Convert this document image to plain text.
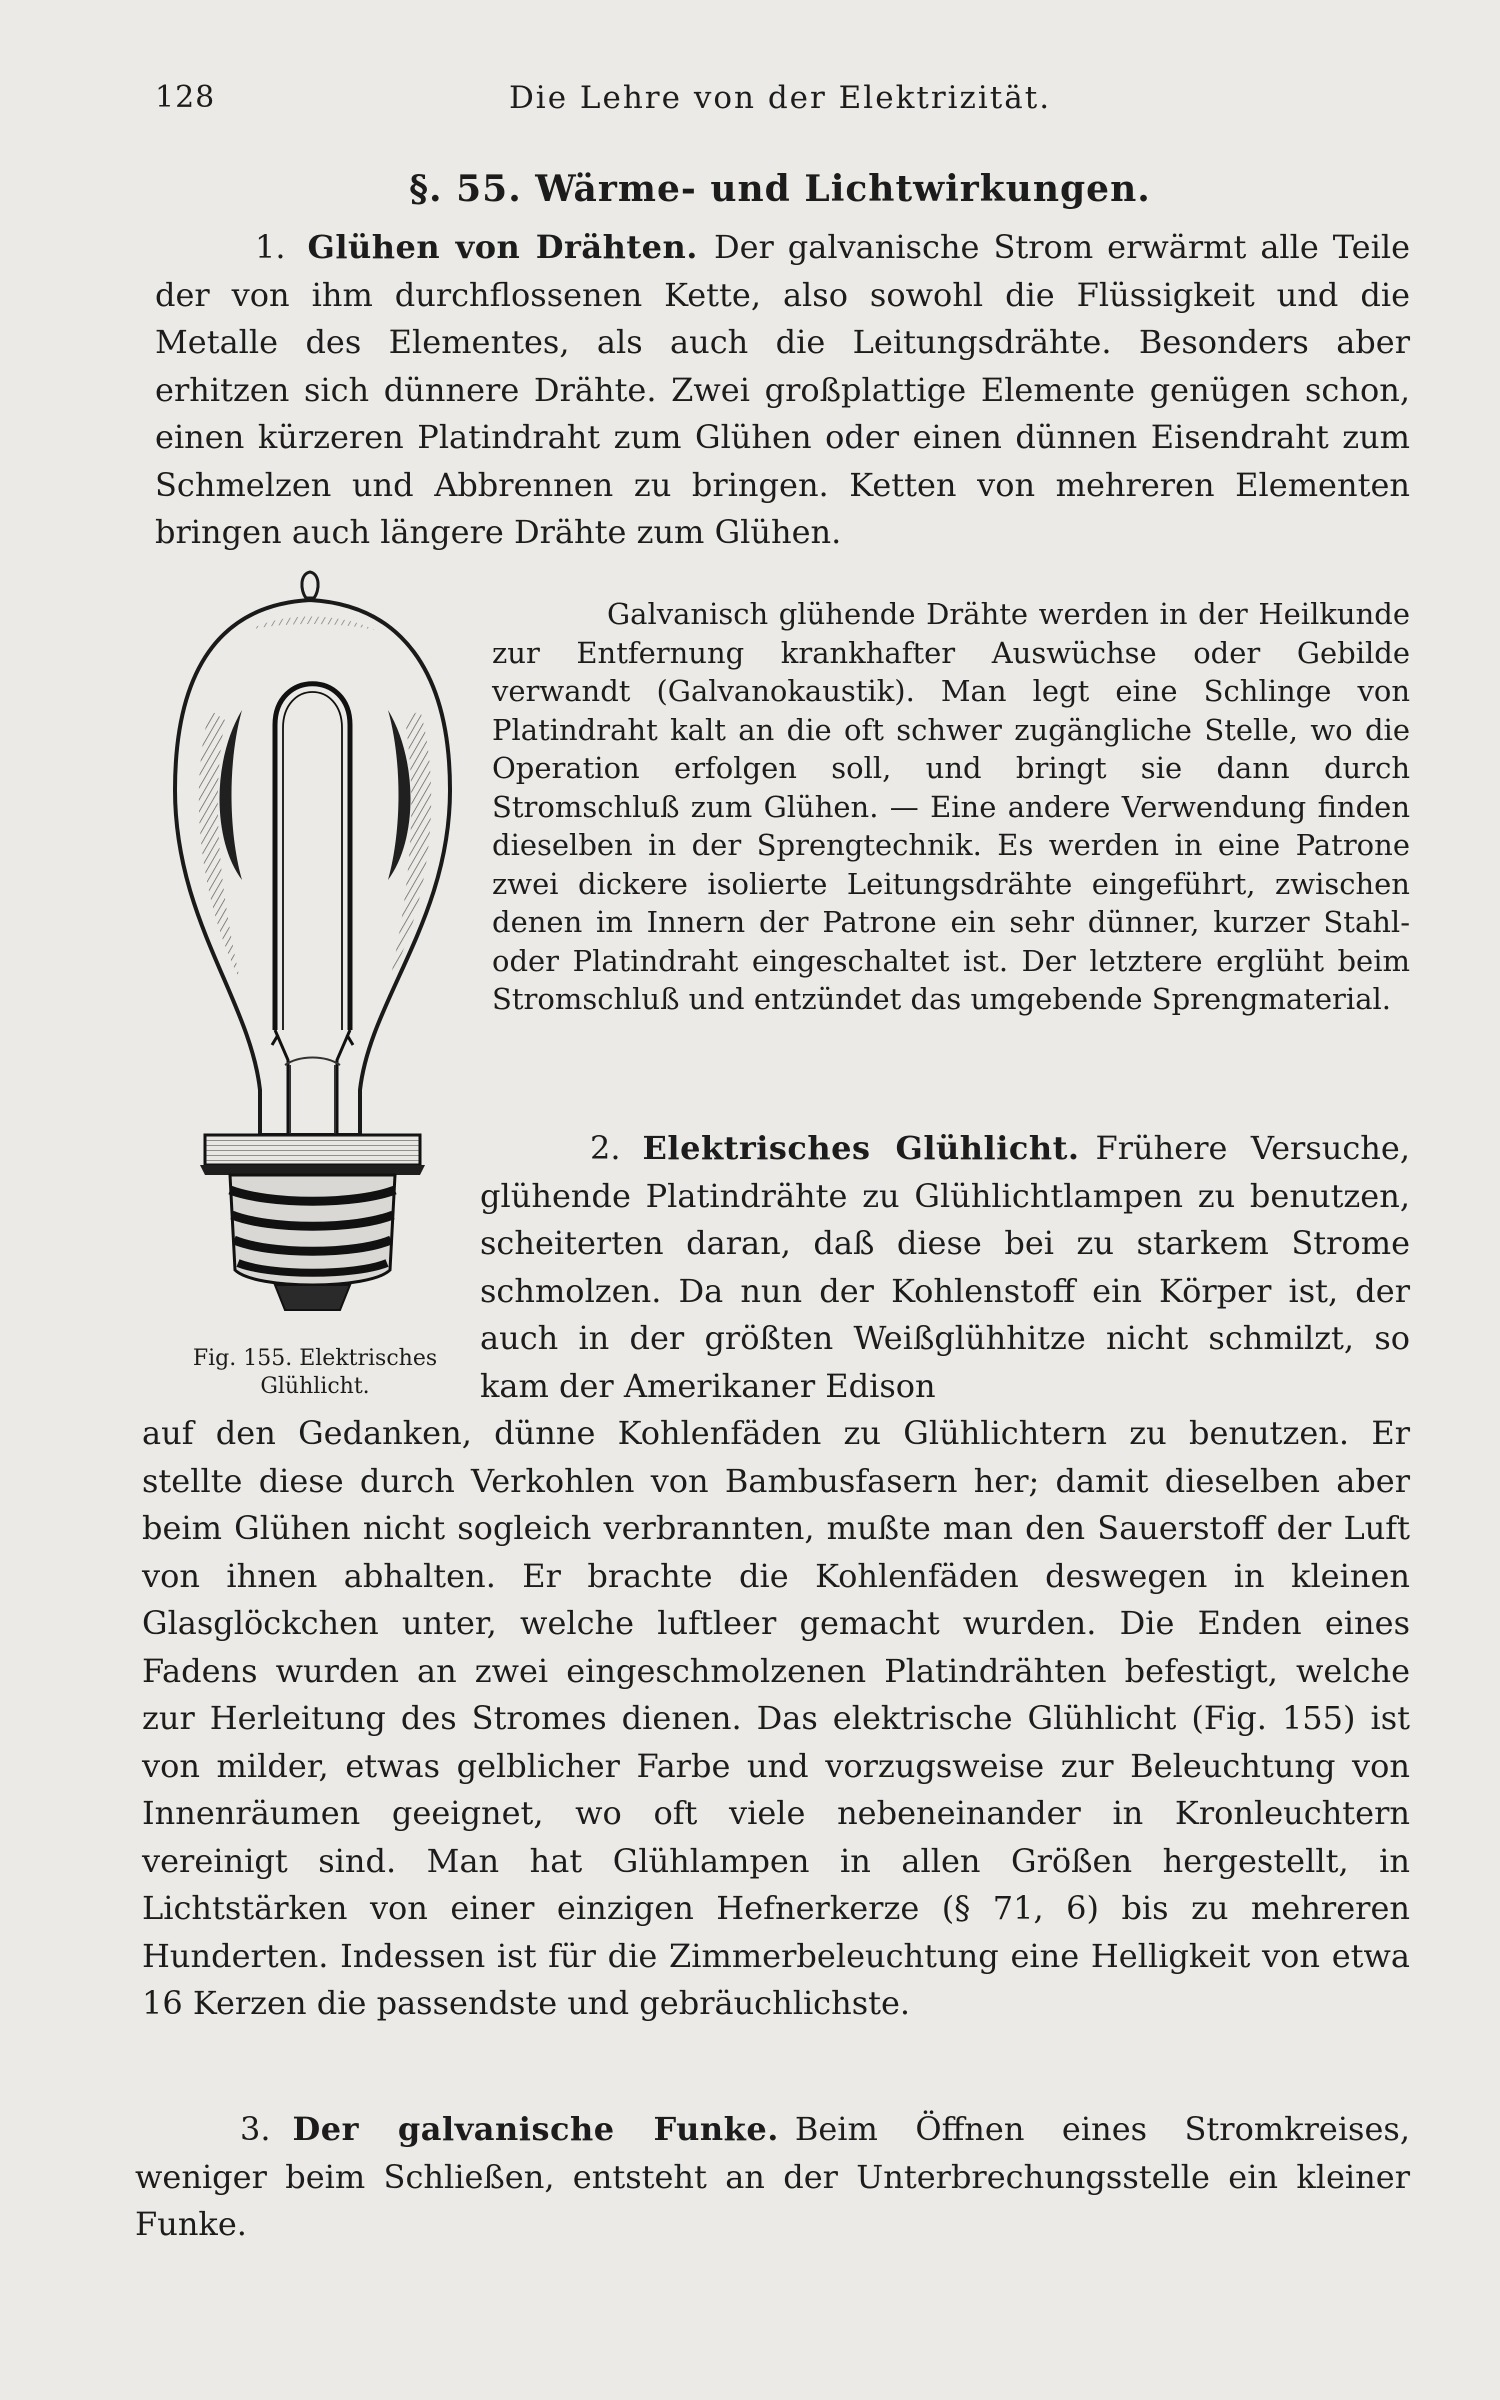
128	Die Lehre von der Elektrizität.
§. 55. Wärme- und Lichtwirkungen.

1. Glühen von Drähten. Der galvanische Strom erwärmt alle Teile der von ihm durchflossenen Kette, also sowohl die Flüssigkeit und die Metalle des Elementes, als auch die Leitungsdrähte. Besonders aber erhitzen sich dünnere Drähte. Zwei großplattige Elemente genügen schon, einen kürzeren Platindraht zum Glühen oder einen dünnen Eisendraht zum Schmelzen und Abbrennen zu bringen. Ketten von mehreren Elementen bringen auch längere Drähte zum Glühen.

Fig. 155. Elektrisches
Glühlicht.

Galvanisch glühende Drähte werden in der Heilkunde zur Entfernung krankhafter Auswüchse oder Gebilde verwandt (Galvanokaustik). Man legt eine Schlinge von Platindraht kalt an die oft schwer zugängliche Stelle, wo die Operation erfolgen soll, und bringt sie dann durch Stromschluß zum Glühen. — Eine andere Verwendung finden dieselben in der Sprengtechnik. Es werden in eine Patrone zwei dickere isolierte Leitungsdrähte eingeführt, zwischen denen im Innern der Patrone ein sehr dünner, kurzer Stahl- oder Platindraht eingeschaltet ist. Der letztere erglüht beim Stromschluß und entzündet das umgebende Sprengmaterial.

2. Elektrisches Glühlicht. Frühere Versuche, glühende Platindrähte zu Glühlichtlampen zu benutzen, scheiterten daran, daß diese bei zu starkem Strome schmolzen. Da nun der Kohlenstoff ein Körper ist, der auch in der größten Weißglühhitze nicht schmilzt, so kam der Amerikaner Edison

auf den Gedanken, dünne Kohlenfäden zu Glühlichtern zu benutzen. Er stellte diese durch Verkohlen von Bambusfasern her; damit dieselben aber beim Glühen nicht sogleich verbrannten, mußte man den Sauerstoff der Luft von ihnen abhalten. Er brachte die Kohlenfäden deswegen in kleinen Glasglöckchen unter, welche luftleer gemacht wurden. Die Enden eines Fadens wurden an zwei eingeschmolzenen Platindrähten befestigt, welche zur Herleitung des Stromes dienen. Das elektrische Glühlicht (Fig. 155) ist von milder, etwas gelblicher Farbe und vorzugsweise zur Beleuchtung von Innenräumen geeignet, wo oft viele nebeneinander in Kronleuchtern vereinigt sind. Man hat Glühlampen in allen Größen hergestellt, in Lichtstärken von einer einzigen Hefnerkerze (§ 71, 6) bis zu mehreren Hunderten. Indessen ist für die Zimmerbeleuchtung eine Helligkeit von etwa 16 Kerzen die passendste und gebräuchlichste.

3. Der galvanische Funke. Beim Öffnen eines Stromkreises, weniger beim Schließen, entsteht an der Unterbrechungsstelle ein kleiner Funke.
